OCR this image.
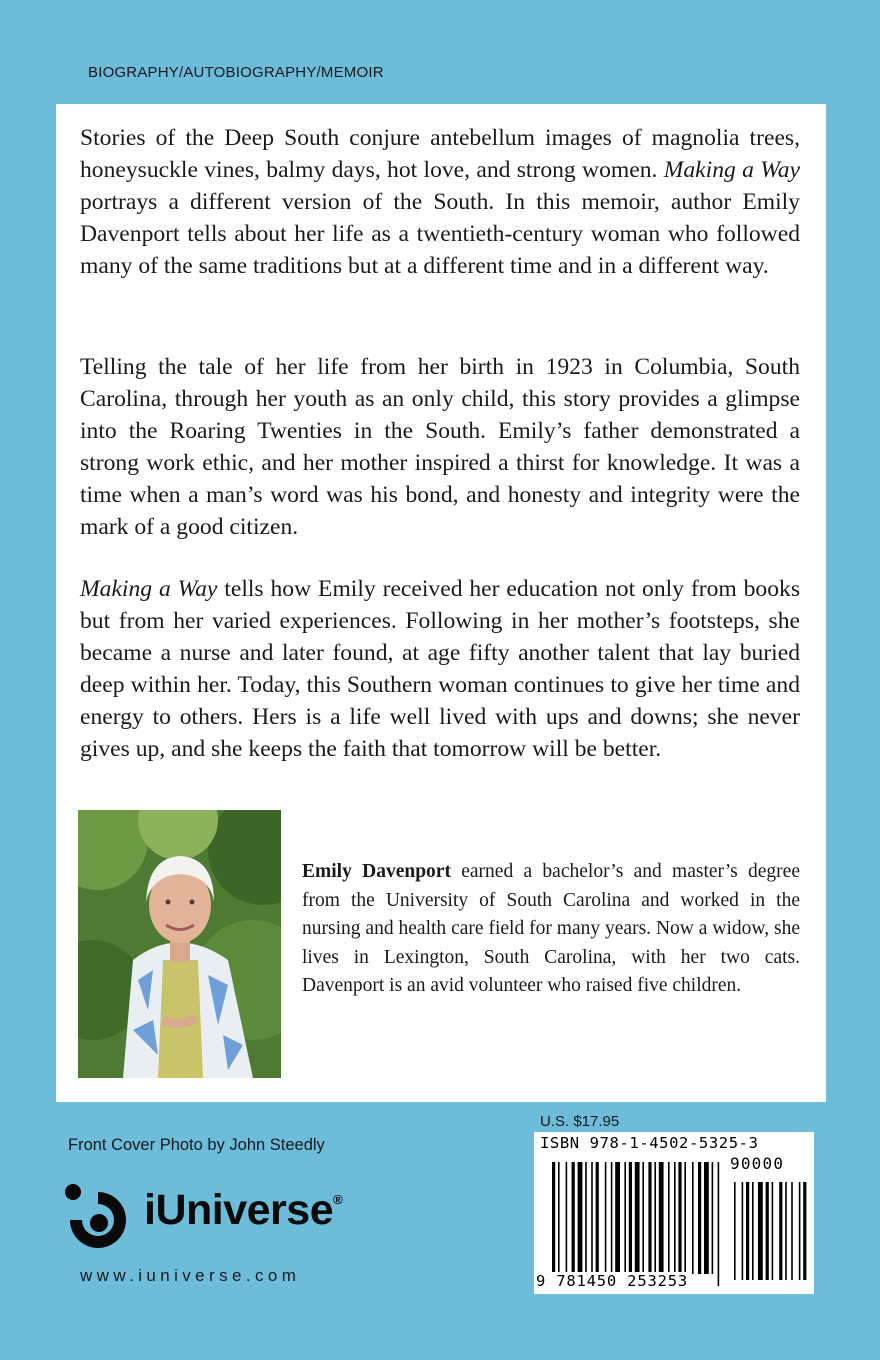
BIOGRAPHY/AUTOBIOGRAPHY/MEMOIR

Stories of the Deep South conjure antebellum images of magnolia trees, honeysuckle vines, balmy days, hot love, and strong women. Making a Way portrays a different version of the South. In this memoir, author Emily Davenport tells about her life as a twentieth-century woman who followed many of the same traditions but at a different time and in a different way.

Telling the tale of her life from her birth in 1923 in Columbia, South Carolina, through her youth as an only child, this story provides a glimpse into the Roaring Twenties in the South. Emily’s father demonstrated a strong work ethic, and her mother inspired a thirst for knowledge. It was a time when a man’s word was his bond, and honesty and integrity were the mark of a good citizen.

Making a Way tells how Emily received her education not only from books but from her varied experiences. Following in her mother’s footsteps, she became a nurse and later found, at age fifty another talent that lay buried deep within her. Today, this Southern woman continues to give her time and energy to others. Hers is a life well lived with ups and downs; she never gives up, and she keeps the faith that tomorrow will be better.

Emily Davenport earned a bachelor’s and master’s degree from the University of South Carolina and worked in the nursing and health care field for many years. Now a widow, she lives in Lexington, South Carolina, with her two cats. Davenport is an avid volunteer who raised five children.

Front Cover Photo by John Steedly
iUniverse®
www.iuniverse.com
U.S. $17.95
ISBN 978-1-4502-5325-3
90000
9 781450 253253
